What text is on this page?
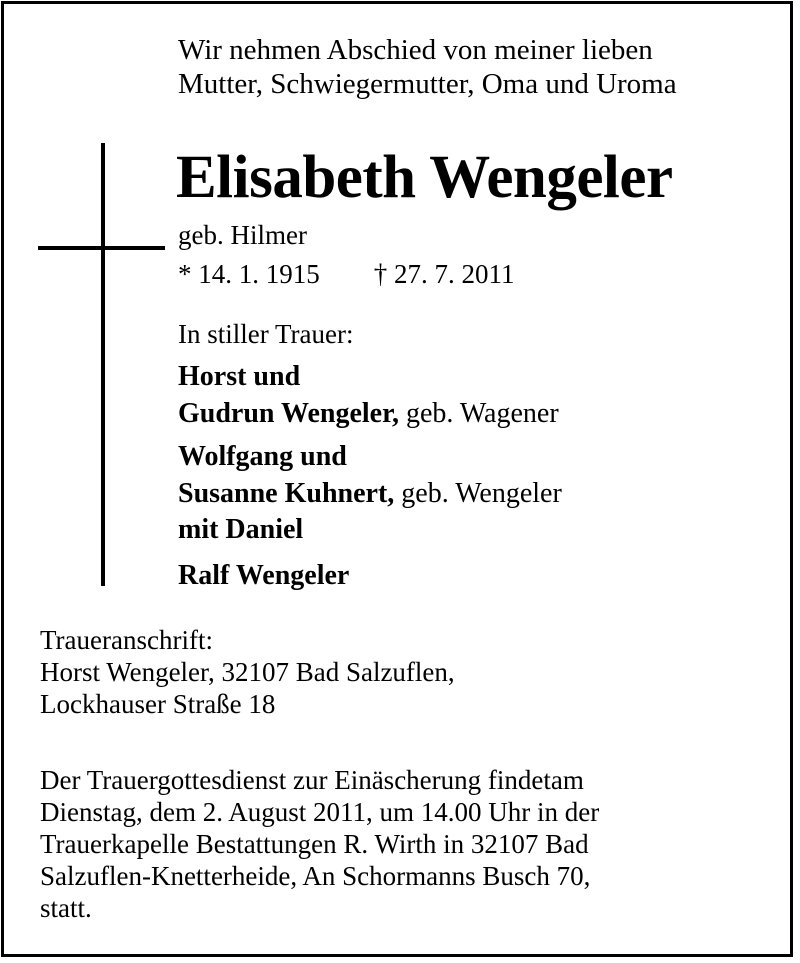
Wir nehmen Abschied von meiner lieben
Mutter, Schwiegermutter, Oma und Uroma
Elisabeth Wengeler
geb. Hilmer
* 14. 1. 1915 † 27. 7. 2011
In stiller Trauer:
Horst und
Gudrun Wengeler, geb. Wagener
Wolfgang und
Susanne Kuhnert, geb. Wengeler
mit Daniel
Ralf Wengeler
Traueranschrift:
Horst Wengeler, 32107 Bad Salzuflen,
Lockhauser Straße 18
Der Trauergottesdienst zur Einäscherung findetam
Dienstag, dem 2. August 2011, um 14.00 Uhr in der
Trauerkapelle Bestattungen R. Wirth in 32107 Bad
Salzuflen-Knetterheide, An Schormanns Busch 70,
statt.
